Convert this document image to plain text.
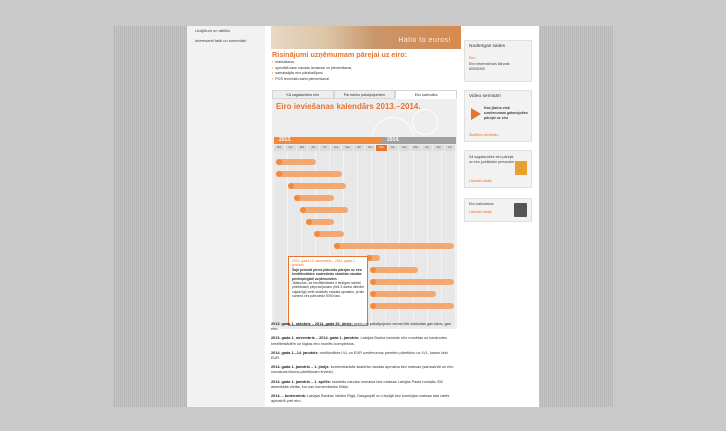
Uzdjūtum un atbilžu
Interesanti fakti un komentāri	Hallo to euros!
Risinājumi uzņēmumam pārejai uz eiro:
▪ maksāšana,
▪ speciālā kase naudas izmaksai un pieņemšanai,
▪ samaksājās eiro pārskaitījumi,
▪ POS terminālu kartu pieņemšanai
Kā sagatavoties eiro	Par banku pakalpojumiem	Eiro kalendārs
Eiro ieviešanas kalendārs 2013.–2014.
2013.	2014.
Mar	Apr	Mai	Jūn	Jūl	Aug	Sep	Okt	Nov	Dec	Jan	Feb	Mar	Apr	Mai	Jūn

2013. gada 10. decembris – 2014. gada 1. janvāris

Šajā periodā pirms plānotās pārejas uz eiro kredītiestādes nodrošinās skaidrās naudas priekšpiegādi uzņēmumiem.

Jāatceras, ka kredītiestādes ir tiesīgas noteikt priekšsaimi pieprasījumam (tiek 3 darba dienām vajadzīgi) veikt skaidrās naudas apmaiņu, ja tās summa virs pārsniedz 5000 latu.

2013. gada 1. oktobris – 2014. gada 30. jūnijs: preču un pakalpojumu cenas tiek atainotas gan latos, gan eiro.

2013. gada 1. novembris – 2014. gada 1. janvāris: Latvijas Banka izsniedz eiro monētas un banknotes kredītiestādēm un lūgtas eiro monētu komplektus.

2014. gada 1.–14. janvāris: norēķināties LVL un EUR uzņēmumos piemēro pārrēķinu uz LVL, kases čeki EUR.

2014. gada 1. janvāris – 1. jūnijs: komercbankās skaidrās naudas apmaiņa bez maksas (samazināt un eiro nomaiņas likuma pārrēķinam ieviest).

2014. gada 1. janvāris – 1. aprīlis: skaidrās naudas nomaiņa bez maksas Latvijas Pasta nodaļās 332 atsevišķās vietās, kur nav komercbanku filiāļu.

2014. – bezterminā: Latvijas Bankas Valdes Rīgā, Daugavpilī un Liepājā bez komisijas maksas lata varēs apmainīt pret eiro.

Noderīgas saites
Eiro
Eiro informatīvais tālrunis: 80005390
Video semināri
Kas jāzina visā uzņēmumam gatavojoties pārejai uz eiro
Skatīties semināru
Kā sagatavoties eiro pārejai uz eiro juridiskām personām
Uzzināt vairāk
Eiro kalkulators
Uzzināt vairāk
